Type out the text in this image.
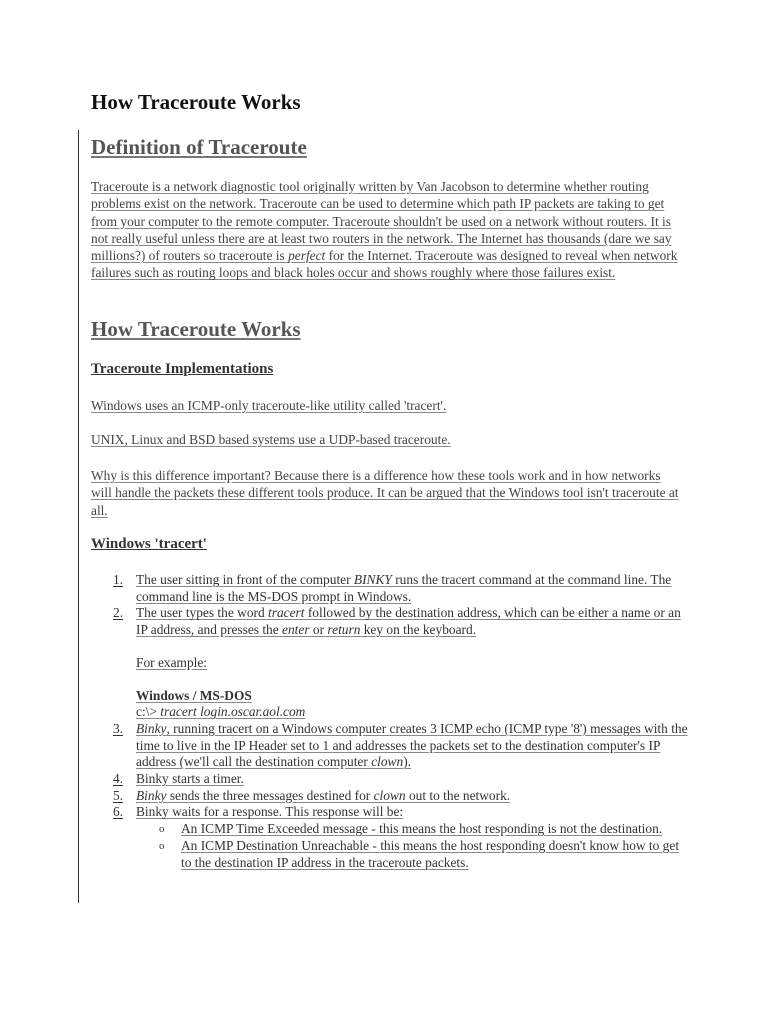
How Traceroute Works
Definition of Traceroute

Traceroute is a network diagnostic tool originally written by Van Jacobson to determine whether routing problems exist on the network. Traceroute can be used to determine which path IP packets are taking to get from your computer to the remote computer. Traceroute shouldn't be used on a network without routers. It is not really useful unless there are at least two routers in the network. The Internet has thousands (dare we say millions?) of routers so traceroute is perfect for the Internet. Traceroute was designed to reveal when network failures such as routing loops and black holes occur and shows roughly where those failures exist.

How Traceroute Works
Traceroute Implementations

Windows uses an ICMP-only traceroute-like utility called 'tracert'.

UNIX, Linux and BSD based systems use a UDP-based traceroute.

Why is this difference important? Because there is a difference how these tools work and in how networks will handle the packets these different tools produce. It can be argued that the Windows tool isn't traceroute at all.

Windows 'tracert'
1. The user sitting in front of the computer BINKY runs the tracert command at the command line. The command line is the MS-DOS prompt in Windows.
2. The user types the word tracert followed by the destination address, which can be either a name or an IP address, and presses the enter or return key on the keyboard.
For example:
Windows / MS-DOS
c:\> tracert login.oscar.aol.com
3. Binky, running tracert on a Windows computer creates 3 ICMP echo (ICMP type '8') messages with the time to live in the IP Header set to 1 and addresses the packets set to the destination computer's IP address (we'll call the destination computer clown).
4. Binky starts a timer.
5. Binky sends the three messages destined for clown out to the network.
6. Binky waits for a response. This response will be:
o An ICMP Time Exceeded message - this means the host responding is not the destination.
o An ICMP Destination Unreachable - this means the host responding doesn't know how to get to the destination IP address in the traceroute packets.
